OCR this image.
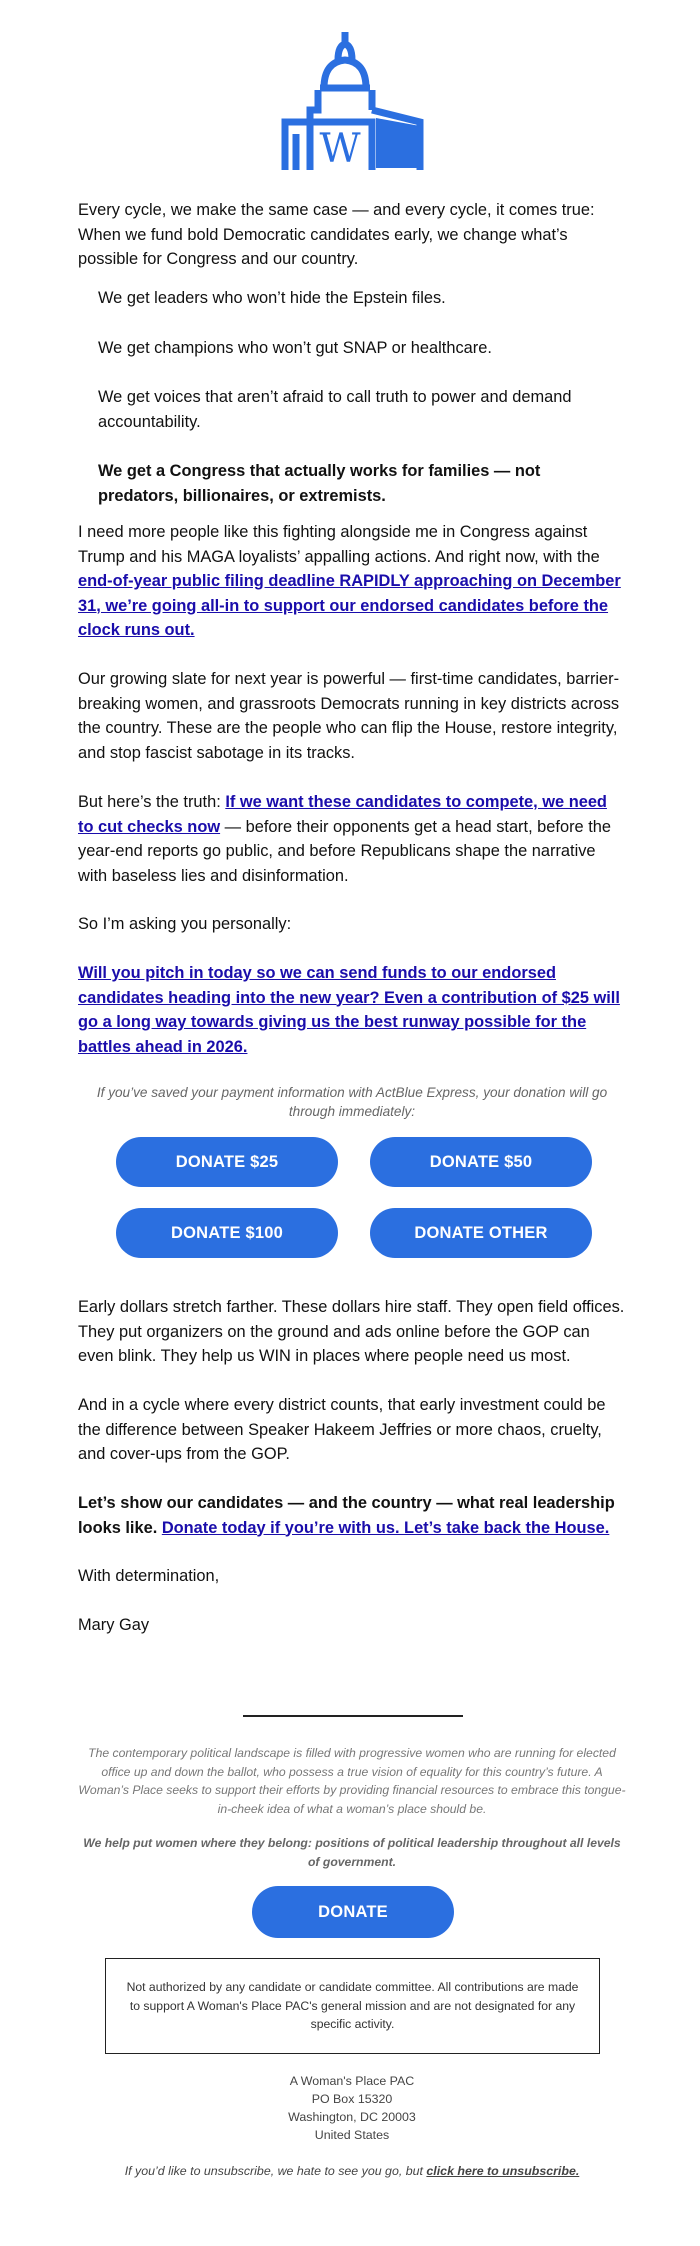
W

Every cycle, we make the same case — and every cycle, it comes true: When we fund bold Democratic candidates early, we change what’s possible for Congress and our country.

We get leaders who won’t hide the Epstein files.

We get champions who won’t gut SNAP or healthcare.

We get voices that aren’t afraid to call truth to power and demand accountability.

We get a Congress that actually works for families — not predators, billionaires, or extremists.

I need more people like this fighting alongside me in Congress against Trump and his MAGA loyalists’ appalling actions. And right now, with the end-of-year public filing deadline RAPIDLY approaching on December 31, we’re going all-in to support our endorsed candidates before the clock runs out.

Our growing slate for next year is powerful — first-time candidates, barrier-breaking women, and grassroots Democrats running in key districts across the country. These are the people who can flip the House, restore integrity, and stop fascist sabotage in its tracks.

But here’s the truth: If we want these candidates to compete, we need to cut checks now — before their opponents get a head start, before the year-end reports go public, and before Republicans shape the narrative with baseless lies and disinformation.

So I’m asking you personally:

Will you pitch in today so we can send funds to our endorsed candidates heading into the new year? Even a contribution of $25 will go a long way towards giving us the best runway possible for the battles ahead in 2026.

If you’ve saved your payment information with ActBlue Express, your donation will go through immediately:
DONATE $25	DONATE $50
DONATE $100	DONATE OTHER

Early dollars stretch farther. These dollars hire staff. They open field offices. They put organizers on the ground and ads online before the GOP can even blink. They help us WIN in places where people need us most.

And in a cycle where every district counts, that early investment could be the difference between Speaker Hakeem Jeffries or more chaos, cruelty, and cover-ups from the GOP.

Let’s show our candidates — and the country — what real leadership looks like. Donate today if you’re with us. Let’s take back the House.

With determination,

Mary Gay

The contemporary political landscape is filled with progressive women who are running for elected office up and down the ballot, who possess a true vision of equality for this country’s future. A Woman’s Place seeks to support their efforts by providing financial resources to embrace this tongue-in-cheek idea of what a woman’s place should be.
We help put women where they belong: positions of political leadership throughout all levels of government.
DONATE
Not authorized by any candidate or candidate committee. All contributions are made to support A Woman's Place PAC's general mission and are not designated for any specific activity.
A Woman's Place PAC
PO Box 15320
Washington, DC 20003
United States
If you’d like to unsubscribe, we hate to see you go, but click here to unsubscribe.
